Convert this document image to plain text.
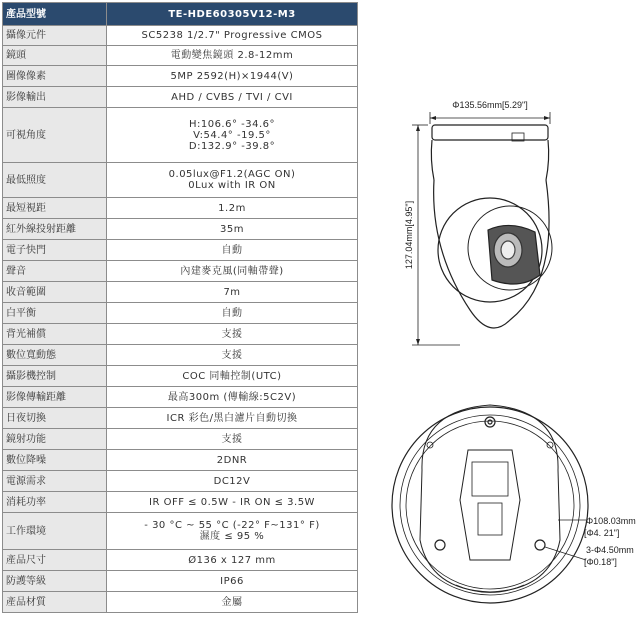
產品型號	TE-HDE60305V12-M3
攝像元件	SC5238 1/2.7" Progressive CMOS
鏡頭	電動變焦鏡頭 2.8-12mm
圖像像素	5MP 2592(H)×1944(V)
影像輸出	AHD / CVBS / TVI / CVI
可視角度	H:106.6° -34.6°
V:54.4° -19.5°
D:132.9° -39.8°
最低照度	0.05lux@F1.2(AGC ON)
0Lux with IR ON
最短視距	1.2m
紅外線投射距離	35m
電子快門	自動
聲音	內建麥克風(同軸帶聲)
收音範圍	7m
白平衡	自動
背光補償	支援
數位寬動態	支援
攝影機控制	COC 同軸控制(UTC)
影像傳輸距離	最高300m (傳輸線:5C2V)
日夜切換	ICR 彩色/黑白濾片自動切換
鏡射功能	支援
數位降噪	2DNR
電源需求	DC12V
消耗功率	IR OFF ≤ 0.5W - IR ON ≤ 3.5W
工作環境	- 30 °C ~ 55 °C (-22° F~131° F)
濕度 ≤ 95 %
產品尺寸	Ø136 x 127 mm
防護等級	IP66
產品材質	金屬
Φ135.56mm[5.29"]
127.04mm[4.95"]
Φ108.03mm
[Φ4. 21"]
3-Φ4.50mm
[Φ0.18"]
